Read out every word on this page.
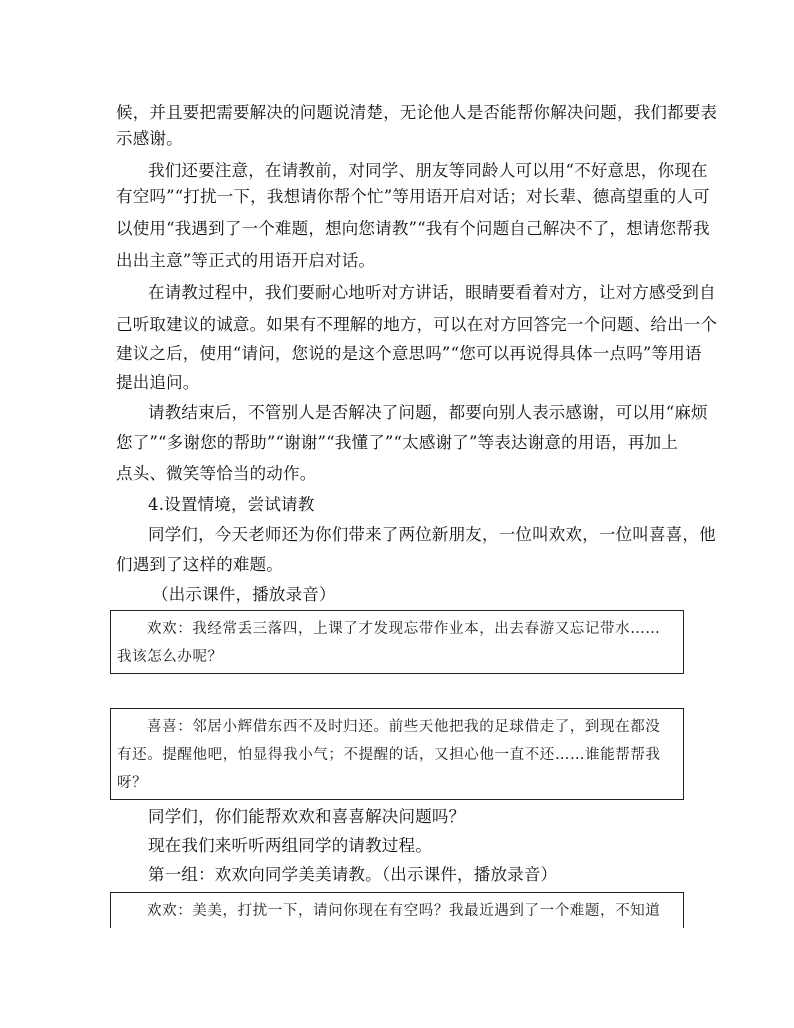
候，并且要把需要解决的问题说清楚，无论他人是否能帮你解决问题，我们都要表
示感谢。
我们还要注意，在请教前，对同学、朋友等同龄人可以用“不好意思，你现在
有空吗”“打扰一下，我想请你帮个忙”等用语开启对话；对长辈、德高望重的人可
以使用“我遇到了一个难题，想向您请教”“我有个问题自己解决不了，想请您帮我
出出主意”等正式的用语开启对话。
在请教过程中，我们要耐心地听对方讲话，眼睛要看着对方，让对方感受到自
己听取建议的诚意。如果有不理解的地方，可以在对方回答完一个问题、给出一个
建议之后，使用“请问，您说的是这个意思吗”“您可以再说得具体一点吗”等用语
提出追问。
请教结束后，不管别人是否解决了问题，都要向别人表示感谢，可以用“麻烦
您了”“多谢您的帮助”“谢谢”“我懂了”“太感谢了”等表达谢意的用语，再加上
点头、微笑等恰当的动作。
4.设置情境，尝试请教
同学们，今天老师还为你们带来了两位新朋友，一位叫欢欢，一位叫喜喜，他
们遇到了这样的难题。
（出示课件，播放录音）
欢欢：我经常丢三落四，上课了才发现忘带作业本，出去春游又忘记带水……
我该怎么办呢？
喜喜：邻居小辉借东西不及时归还。前些天他把我的足球借走了，到现在都没
有还。提醒他吧，怕显得我小气；不提醒的话，又担心他一直不还……谁能帮帮我
呀？
同学们，你们能帮欢欢和喜喜解决问题吗？
现在我们来听听两组同学的请教过程。
第一组：欢欢向同学美美请教。（出示课件，播放录音）
欢欢：美美，打扰一下，请问你现在有空吗？我最近遇到了一个难题，不知道
